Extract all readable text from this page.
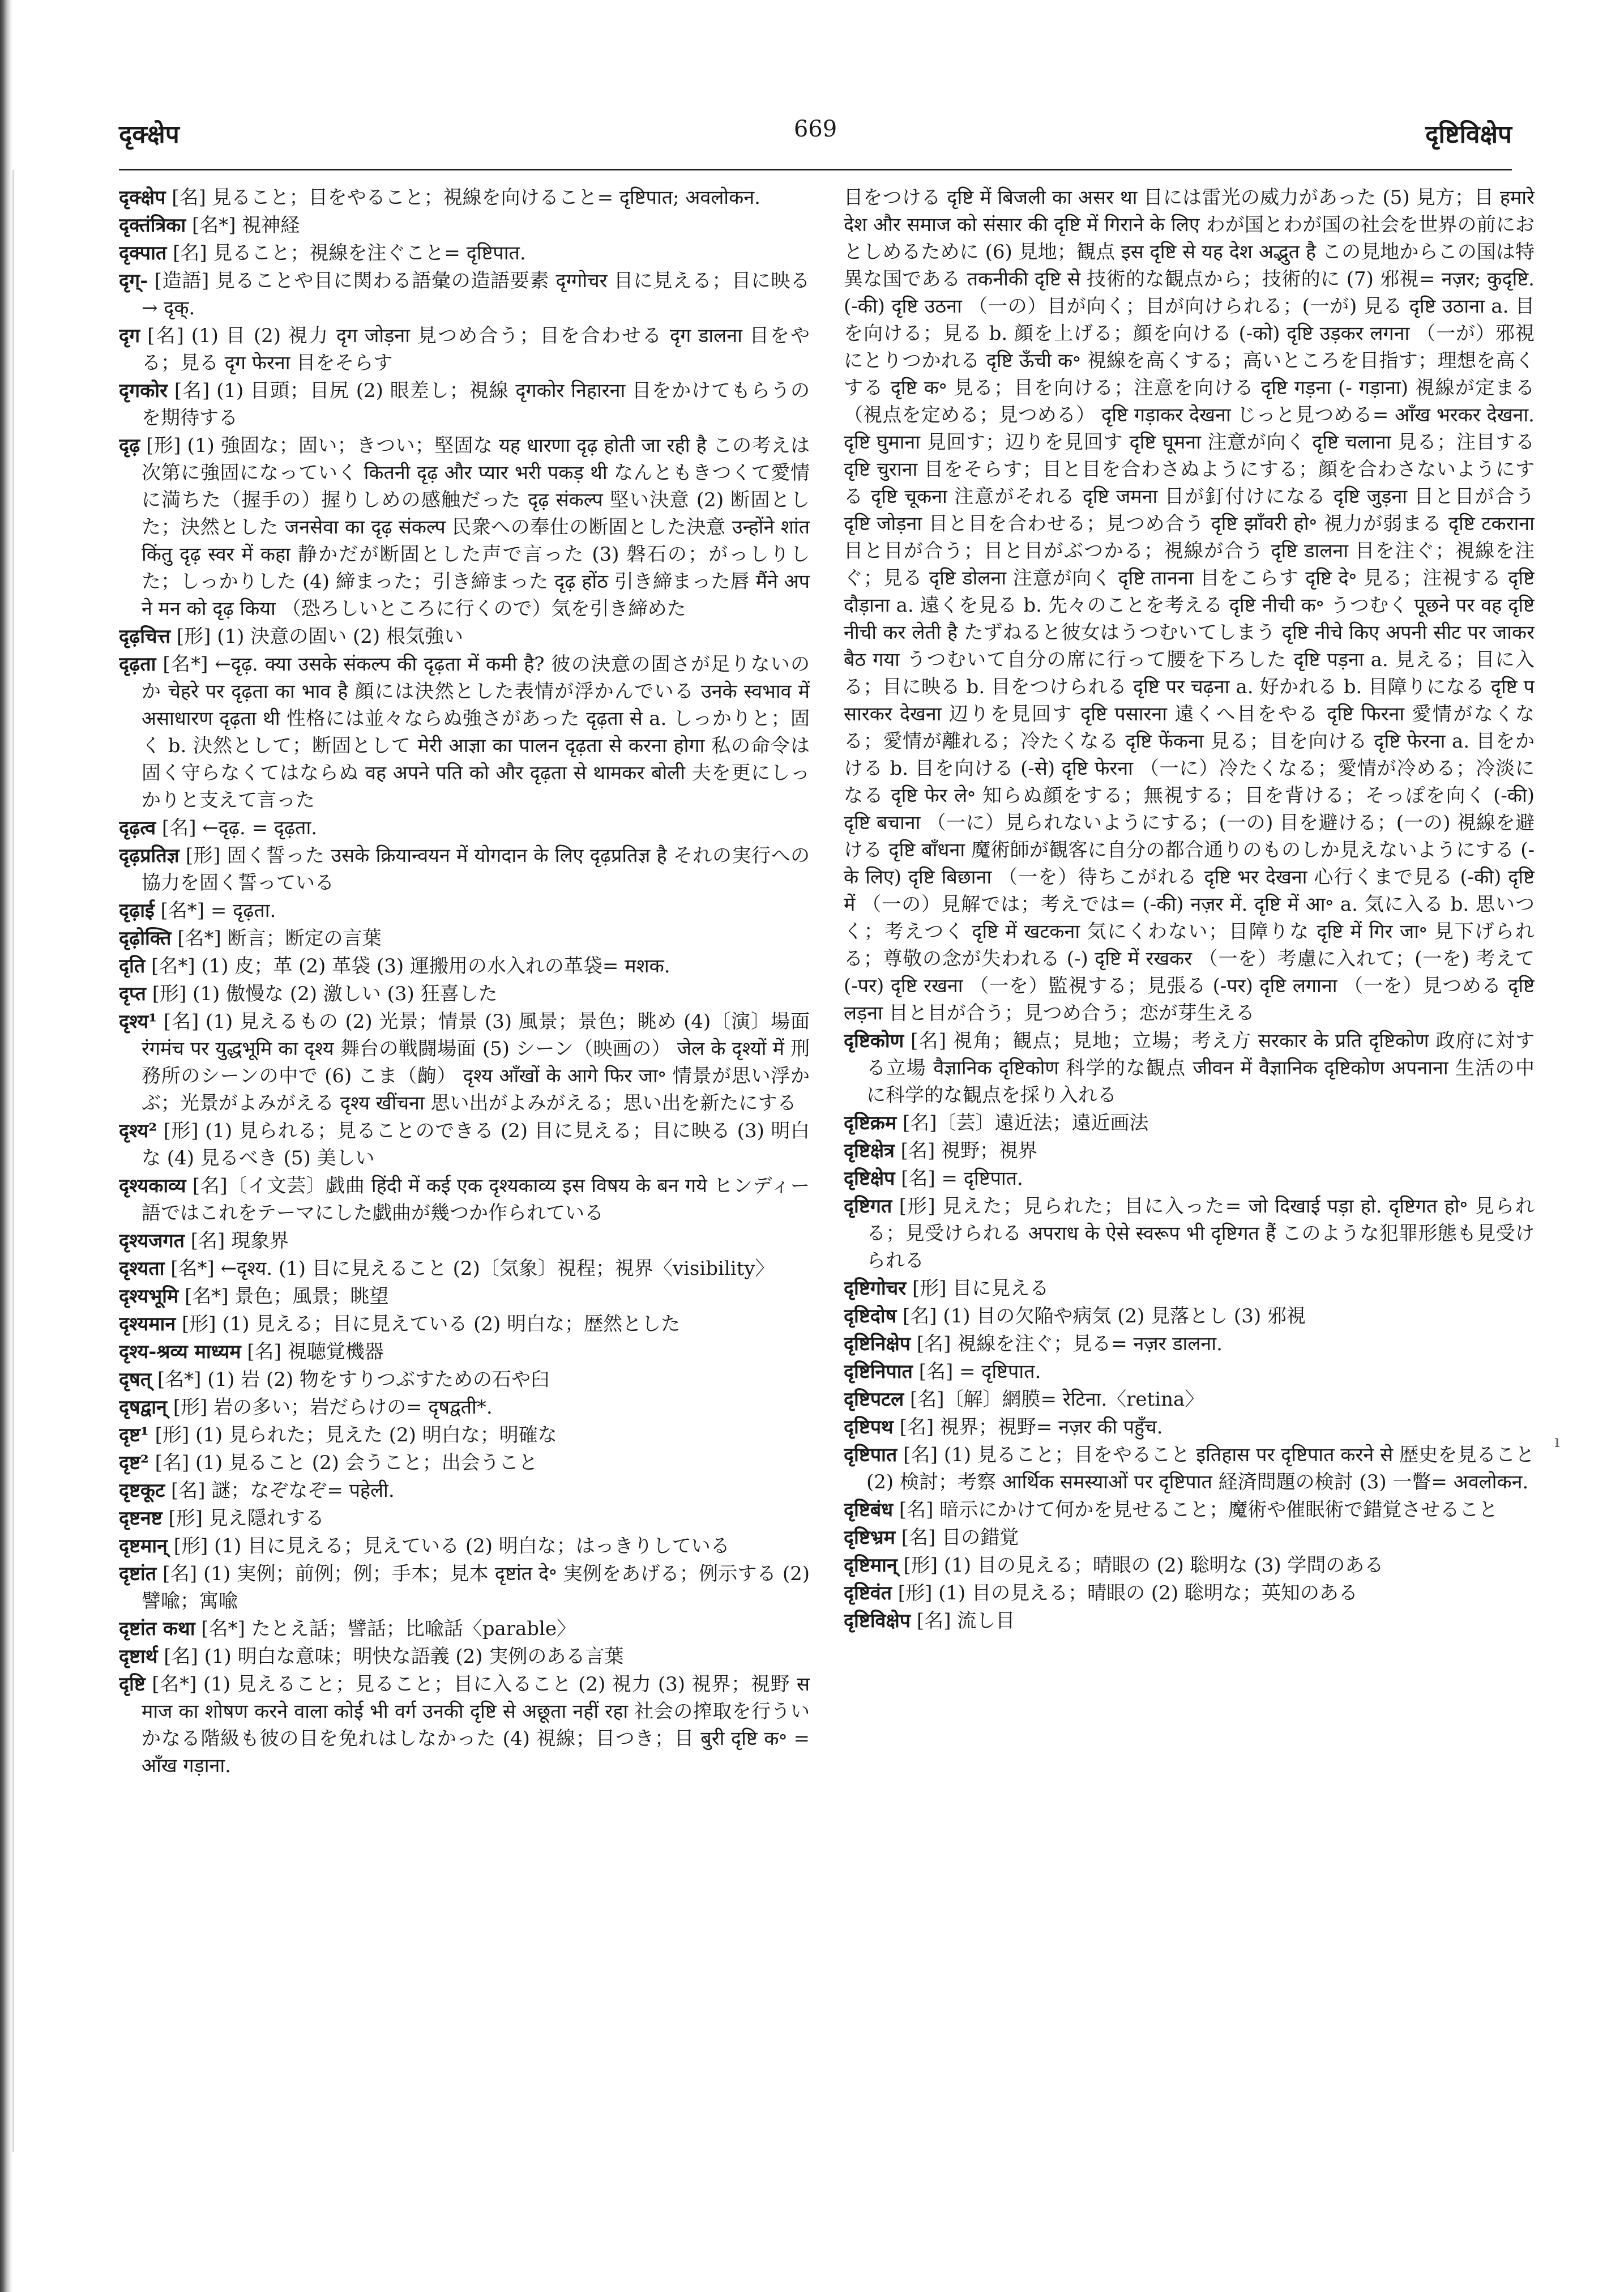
दृक्क्षेप	669	दृष्टिविक्षेप

दृक्क्षेप [名] 見ること；目をやること；視線を向けること= दृष्टिपात; अवलोकन.

दृक्तंत्रिका [名*] 視神経

दृक्पात [名] 見ること；視線を注ぐこと= दृष्टिपात.

दृग्- [造語] 見ることや目に関わる語彙の造語要素 दृग्गोचर 目に見える；目に映る→ दृक्.

दृग [名] (1) 目 (2) 視力 दृग जोड़ना 見つめ合う；目を合わせる दृग डालना 目をやる；見る दृग फेरना 目をそらす

दृगकोर [名] (1) 目頭；目尻 (2) 眼差し；視線 दृगकोर निहारना 目をかけてもらうのを期待する

दृढ़ [形] (1) 強固な；固い；きつい；堅固な यह धारणा दृढ़ होती जा रही है この考えは次第に強固になっていく कितनी दृढ़ और प्यार भरी पकड़ थी なんともきつくて愛情に満ちた（握手の）握りしめの感触だった दृढ़ संकल्प 堅い決意 (2) 断固とした；決然とした जनसेवा का दृढ़ संकल्प 民衆への奉仕の断固とした決意 उन्होंने शांत किंतु दृढ़ स्वर में कहा 静かだが断固とした声で言った (3) 磐石の；がっしりした；しっかりした (4) 締まった；引き締まった दृढ़ होंठ 引き締まった唇 मैंने अपने मन को दृढ़ किया （恐ろしいところに行くので）気を引き締めた

दृढ़चित्त [形] (1) 決意の固い (2) 根気強い

दृढ़ता [名*] ←दृढ़. क्या उसके संकल्प की दृढ़ता में कमी है? 彼の決意の固さが足りないのか चेहरे पर दृढ़ता का भाव है 顔には決然とした表情が浮かんでいる उनके स्वभाव में असाधारण दृढ़ता थी 性格には並々ならぬ強さがあった दृढ़ता से a. しっかりと；固く b. 決然として；断固として मेरी आज्ञा का पालन दृढ़ता से करना होगा 私の命令は固く守らなくてはならぬ वह अपने पति को और दृढ़ता से थामकर बोली 夫を更にしっかりと支えて言った

दृढ़त्व [名] ←दृढ़. = दृढ़ता.

दृढ़प्रतिज्ञ [形] 固く誓った उसके क्रियान्वयन में योगदान के लिए दृढ़प्रतिज्ञ है それの実行への協力を固く誓っている

दृढ़ाई [名*] = दृढ़ता.

दृढ़ोक्ति [名*] 断言；断定の言葉

दृति [名*] (1) 皮；革 (2) 革袋 (3) 運搬用の水入れの革袋= मशक.

दृप्त [形] (1) 傲慢な (2) 激しい (3) 狂喜した

दृश्य¹ [名] (1) 見えるもの (2) 光景；情景 (3) 風景；景色；眺め (4)〔演〕場面 रंगमंच पर युद्धभूमि का दृश्य 舞台の戦闘場面 (5) シーン（映画の） जेल के दृश्यों में 刑務所のシーンの中で (6) こま（齣） दृश्य आँखों के आगे फिर जा॰ 情景が思い浮かぶ；光景がよみがえる दृश्य खींचना 思い出がよみがえる；思い出を新たにする

दृश्य² [形] (1) 見られる；見ることのできる (2) 目に見える；目に映る (3) 明白な (4) 見るべき (5) 美しい

दृश्यकाव्य [名]〔イ文芸〕戯曲 हिंदी में कई एक दृश्यकाव्य इस विषय के बन गये ヒンディー語ではこれをテーマにした戯曲が幾つか作られている

दृश्यजगत [名] 現象界

दृश्यता [名*] ←दृश्य. (1) 目に見えること (2)〔気象〕視程；視界〈visibility〉

दृश्यभूमि [名*] 景色；風景；眺望

दृश्यमान [形] (1) 見える；目に見えている (2) 明白な；歴然とした

दृश्य-श्रव्य माध्यम [名] 視聴覚機器

दृषत् [名*] (1) 岩 (2) 物をすりつぶすための石や臼

दृषद्वान् [形] 岩の多い；岩だらけの= दृषद्वती*.

दृष्ट¹ [形] (1) 見られた；見えた (2) 明白な；明確な

दृष्ट² [名] (1) 見ること (2) 会うこと；出会うこと

दृष्टकूट [名] 謎；なぞなぞ= पहेली.

दृष्टनष्ट [形] 見え隠れする

दृष्टमान् [形] (1) 目に見える；見えている (2) 明白な；はっきりしている

दृष्टांत [名] (1) 実例；前例；例；手本；見本 दृष्टांत दे॰ 実例をあげる；例示する (2) 譬喩；寓喩

दृष्टांत कथा [名*] たとえ話；譬話；比喩話〈parable〉

दृष्टार्थ [名] (1) 明白な意味；明快な語義 (2) 実例のある言葉

दृष्टि [名*] (1) 見えること；見ること；目に入ること (2) 視力 (3) 視界；視野 समाज का शोषण करने वाला कोई भी वर्ग उनकी दृष्टि से अछूता नहीं रहा 社会の搾取を行ういかなる階級も彼の目を免れはしなかった (4) 視線；目つき；目 बुरी दृष्टि क॰ = आँख गड़ाना.

目をつける दृष्टि में बिजली का असर था 目には雷光の威力があった (5) 見方；目 हमारे देश और समाज को संसार की दृष्टि में गिराने के लिए わが国とわが国の社会を世界の前におとしめるために (6) 見地；観点 इस दृष्टि से यह देश अद्भुत है この見地からこの国は特異な国である तकनीकी दृष्टि से 技術的な観点から；技術的に (7) 邪視= नज़र; कुदृष्टि. (-की) दृष्टि उठना （一の）目が向く；目が向けられる；(一が) 見る दृष्टि उठाना a. 目を向ける；見る b. 顔を上げる；顔を向ける (-को) दृष्टि उड़कर लगना （一が）邪視にとりつかれる दृष्टि ऊँची क॰ 視線を高くする；高いところを目指す；理想を高くする दृष्टि क॰ 見る；目を向ける；注意を向ける दृष्टि गड़ना (- गड़ाना) 視線が定まる（視点を定める；見つめる） दृष्टि गड़ाकर देखना じっと見つめる= आँख भरकर देखना. दृष्टि घुमाना 見回す；辺りを見回す दृष्टि घूमना 注意が向く दृष्टि चलाना 見る；注目する दृष्टि चुराना 目をそらす；目と目を合わさぬようにする；顔を合わさないようにする दृष्टि चूकना 注意がそれる दृष्टि जमना 目が釘付けになる दृष्टि जुड़ना 目と目が合う दृष्टि जोड़ना 目と目を合わせる；見つめ合う दृष्टि झाँवरी हो॰ 視力が弱まる दृष्टि टकराना 目と目が合う；目と目がぶつかる；視線が合う दृष्टि डालना 目を注ぐ；視線を注ぐ；見る दृष्टि डोलना 注意が向く दृष्टि तानना 目をこらす दृष्टि दे॰ 見る；注視する दृष्टि दौड़ाना a. 遠くを見る b. 先々のことを考える दृष्टि नीची क॰ うつむく पूछने पर वह दृष्टि नीची कर लेती है たずねると彼女はうつむいてしまう दृष्टि नीचे किए अपनी सीट पर जाकर बैठ गया うつむいて自分の席に行って腰を下ろした दृष्टि पड़ना a. 見える；目に入る；目に映る b. 目をつけられる दृष्टि पर चढ़ना a. 好かれる b. 目障りになる दृष्टि पसारकर देखना 辺りを見回す दृष्टि पसारना 遠くへ目をやる दृष्टि फिरना 愛情がなくなる；愛情が離れる；冷たくなる दृष्टि फेंकना 見る；目を向ける दृष्टि फेरना a. 目をかける b. 目を向ける (-से) दृष्टि फेरना （一に）冷たくなる；愛情が冷める；冷淡になる दृष्टि फेर ले॰ 知らぬ顔をする；無視する；目を背ける；そっぽを向く (-की) दृष्टि बचाना （一に）見られないようにする；(一の) 目を避ける；(一の) 視線を避ける दृष्टि बाँधना 魔術師が観客に自分の都合通りのものしか見えないようにする (-के लिए) दृष्टि बिछाना （一を）待ちこがれる दृष्टि भर देखना 心行くまで見る (-की) दृष्टि में （一の）見解では；考えでは= (-की) नज़र में. दृष्टि में आ॰ a. 気に入る b. 思いつく；考えつく दृष्टि में खटकना 気にくわない；目障りな दृष्टि में गिर जा॰ 見下げられる；尊敬の念が失われる (-) दृष्टि में रखकर （一を）考慮に入れて；(一を) 考えて (-पर) दृष्टि रखना （一を）監視する；見張る (-पर) दृष्टि लगाना （一を）見つめる दृष्टि लड़ना 目と目が合う；見つめ合う；恋が芽生える

दृष्टिकोण [名] 視角；観点；見地；立場；考え方 सरकार के प्रति दृष्टिकोण 政府に対する立場 वैज्ञानिक दृष्टिकोण 科学的な観点 जीवन में वैज्ञानिक दृष्टिकोण अपनाना 生活の中に科学的な観点を採り入れる

दृष्टिक्रम [名]〔芸〕遠近法；遠近画法

दृष्टिक्षेत्र [名] 視野；視界

दृष्टिक्षेप [名] = दृष्टिपात.

दृष्टिगत [形] 見えた；見られた；目に入った= जो दिखाई पड़ा हो. दृष्टिगत हो॰ 見られる；見受けられる अपराध के ऐसे स्वरूप भी दृष्टिगत हैं このような犯罪形態も見受けられる

दृष्टिगोचर [形] 目に見える

दृष्टिदोष [名] (1) 目の欠陥や病気 (2) 見落とし (3) 邪視

दृष्टिनिक्षेप [名] 視線を注ぐ；見る= नज़र डालना.

दृष्टिनिपात [名] = दृष्टिपात.

दृष्टिपटल [名]〔解〕網膜= रेटिना.〈retina〉

दृष्टिपथ [名] 視界；視野= नज़र की पहुँच.

दृष्टिपात [名] (1) 見ること；目をやること इतिहास पर दृष्टिपात करने से 歴史を見ること (2) 検討；考察 आर्थिक समस्याओं पर दृष्टिपात 経済問題の検討 (3) 一瞥= अवलोकन.

दृष्टिबंध [名] 暗示にかけて何かを見せること；魔術や催眠術で錯覚させること

दृष्टिभ्रम [名] 目の錯覚

दृष्टिमान् [形] (1) 目の見える；晴眼の (2) 聡明な (3) 学問のある

दृष्टिवंत [形] (1) 目の見える；晴眼の (2) 聡明な；英知のある

दृष्टिविक्षेप [名] 流し目

ı
